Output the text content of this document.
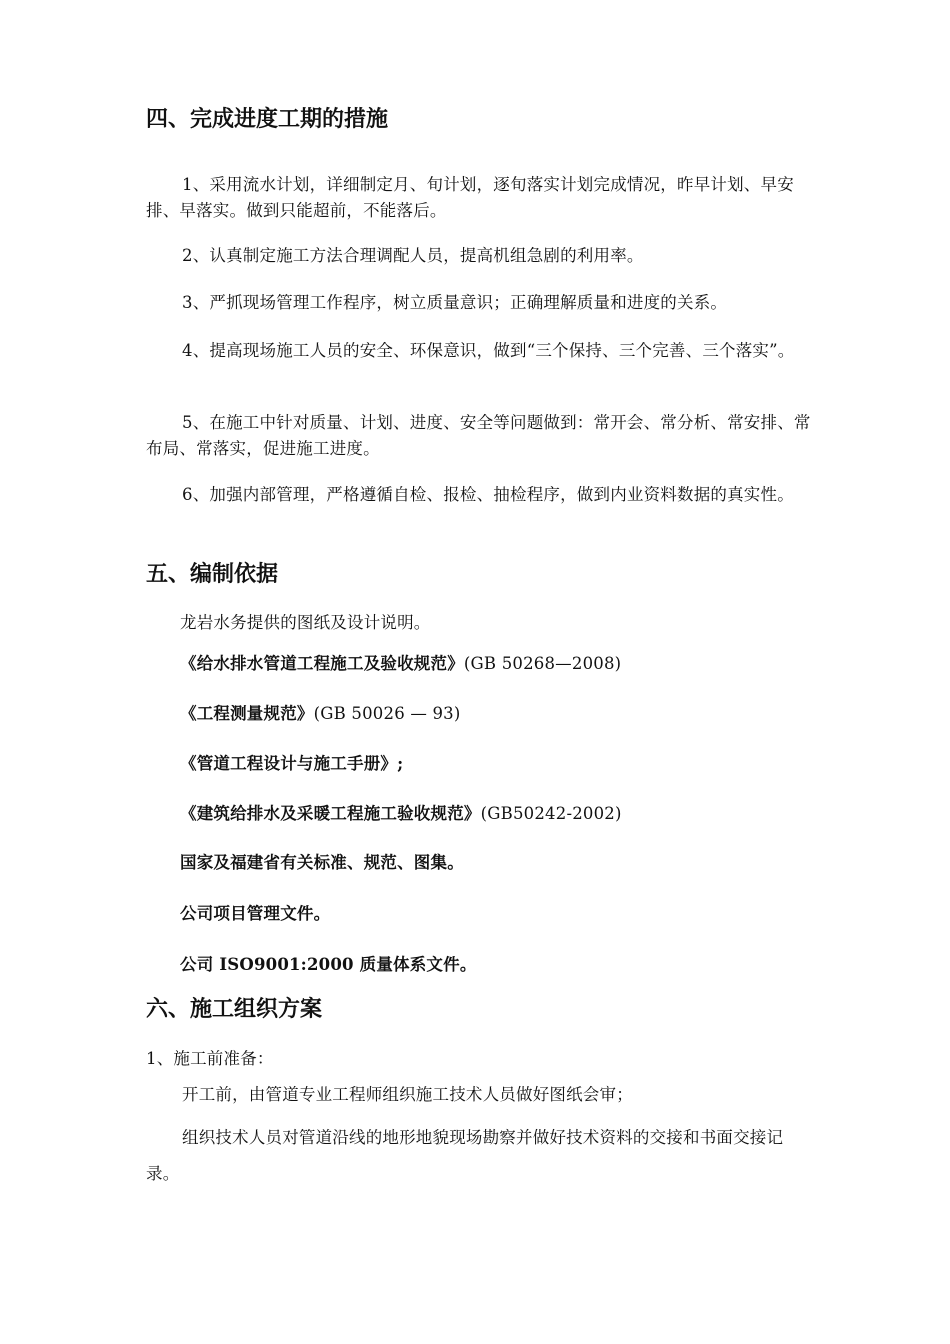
四、完成进度工期的措施
1、采用流水计划，详细制定月、旬计划，逐旬落实计划完成情况，昨早计划、早安排、早落实。做到只能超前，不能落后。
2、认真制定施工方法合理调配人员，提高机组急剧的利用率。
3、严抓现场管理工作程序，树立质量意识；正确理解质量和进度的关系。
4、提高现场施工人员的安全、环保意识，做到“三个保持、三个完善、三个落实”。
5、在施工中针对质量、计划、进度、安全等问题做到：常开会、常分析、常安排、常布局、常落实，促进施工进度。
6、加强内部管理，严格遵循自检、报检、抽检程序，做到内业资料数据的真实性。
五、编制依据
龙岩水务提供的图纸及设计说明。
《给水排水管道工程施工及验收规范》(GB 50268—2008)
《工程测量规范》(GB 50026 — 93)
《管道工程设计与施工手册》;
《建筑给排水及采暖工程施工验收规范》(GB50242-2002)
国家及福建省有关标准、规范、图集。
公司项目管理文件。
公司 ISO9001:2000 质量体系文件。
六、施工组织方案
1、施工前准备：
开工前，由管道专业工程师组织施工技术人员做好图纸会审；
组织技术人员对管道沿线的地形地貌现场勘察并做好技术资料的交接和书面交接记录。
